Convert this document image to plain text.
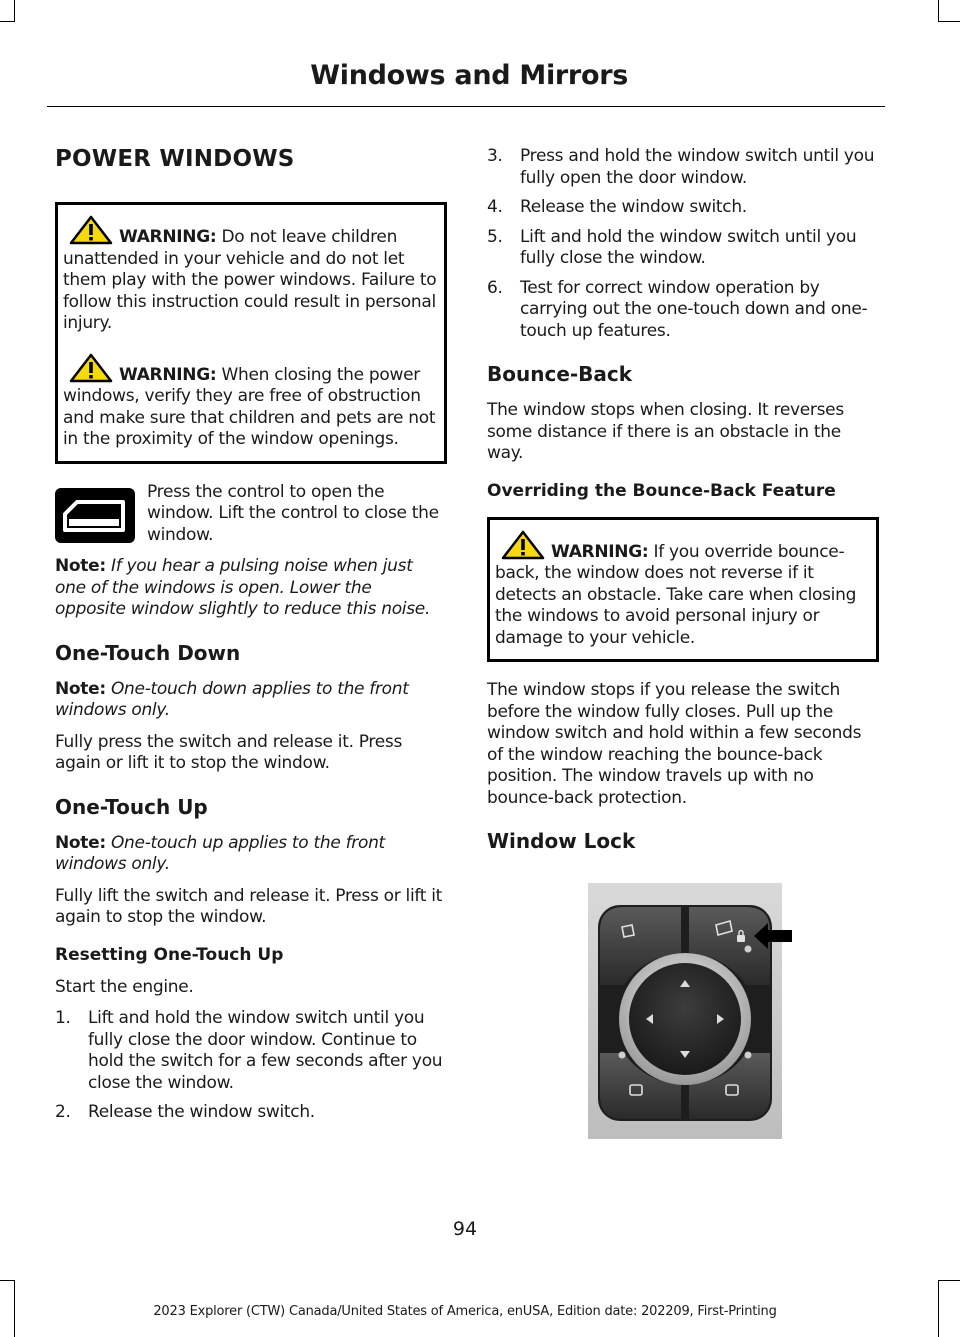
Windows and Mirrors
POWER WINDOWS
WARNING: Do not leave children unattended in your vehicle and do not let them play with the power windows. Failure to follow this instruction could result in personal injury.
WARNING: When closing the power windows, verify they are free of obstruction and make sure that children and pets are not in the proximity of the window openings.

Press the control to open the window. Lift the control to close the window.

Note: If you hear a pulsing noise when just one of the windows is open. Lower the opposite window slightly to reduce this noise.

One-Touch Down

Note: One-touch down applies to the front windows only.

Fully press the switch and release it. Press again or lift it to stop the window.

One-Touch Up

Note: One-touch up applies to the front windows only.

Fully lift the switch and release it. Press or lift it again to stop the window.

Resetting One-Touch Up

Start the engine.

1.	Lift and hold the window switch until you fully close the door window. Continue to hold the switch for a few seconds after you close the window.
2.	Release the window switch.
3.	Press and hold the window switch until you fully open the door window.
4.	Release the window switch.
5.	Lift and hold the window switch until you fully close the window.
6.	Test for correct window operation by carrying out the one-touch down and one-touch up features.
Bounce-Back

The window stops when closing. It reverses some distance if there is an obstacle in the way.

Overriding the Bounce-Back Feature
WARNING: If you override bounce-back, the window does not reverse if it detects an obstacle. Take care when closing the windows to avoid personal injury or damage to your vehicle.

The window stops if you release the switch before the window fully closes. Pull up the window switch and hold within a few seconds of the window reaching the bounce-back position. The window travels up with no bounce-back protection.

Window Lock
94
2023 Explorer (CTW) Canada/United States of America, enUSA, Edition date: 202209, First-Printing
